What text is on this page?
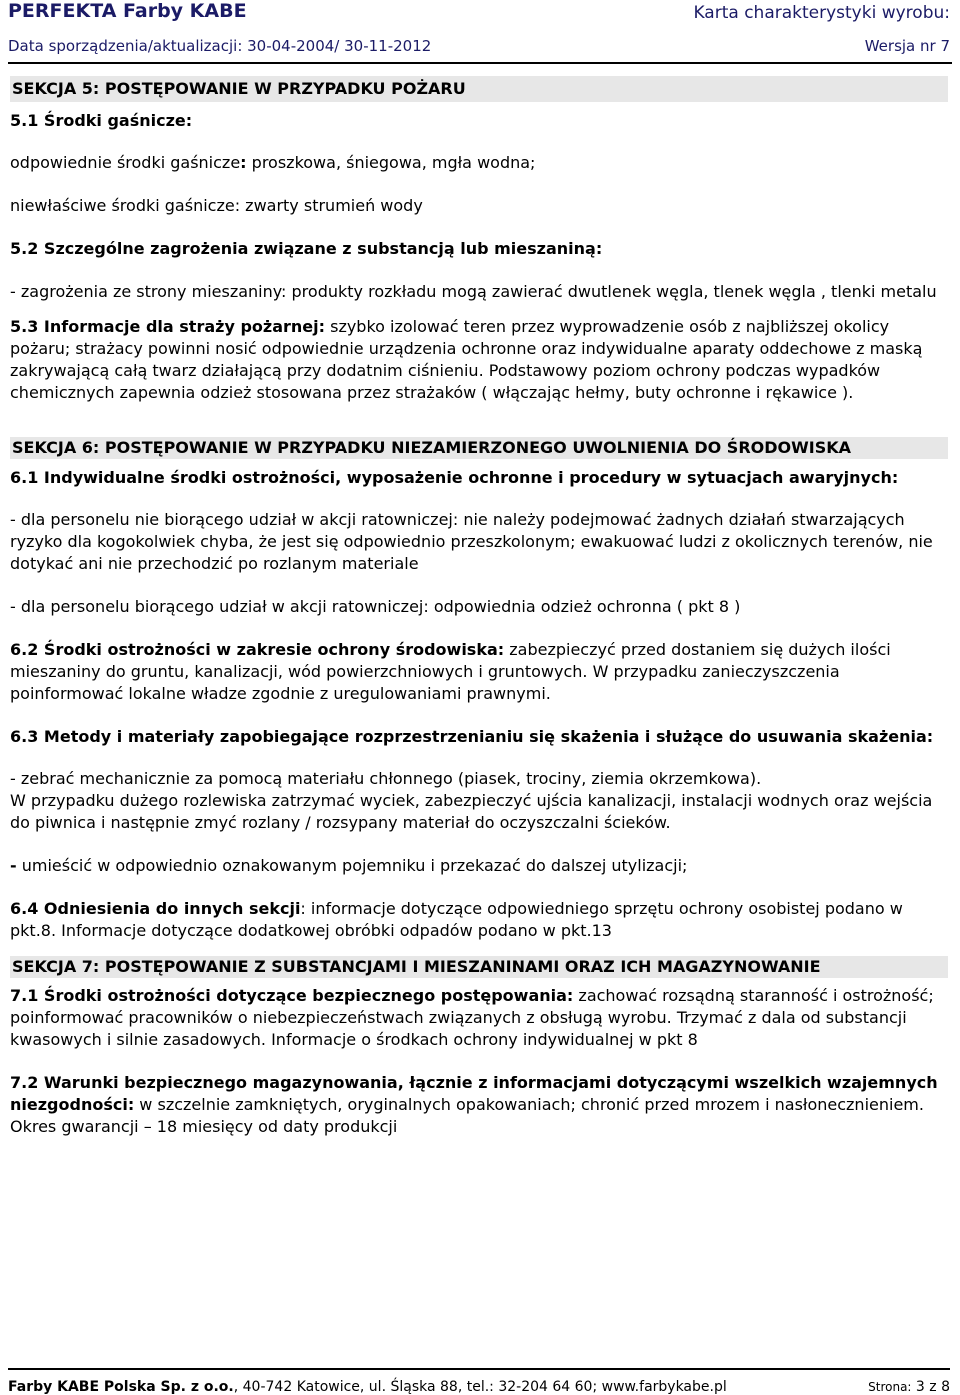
PERFEKTA Farby KABE	Karta charakterystyki wyrobu:
Data sporządzenia/aktualizacji: 30-04-2004/ 30-11-2012	Wersja nr 7
SEKCJA 5: POSTĘPOWANIE W PRZYPADKU POŻARU

5.1 Środki gaśnicze:

odpowiednie środki gaśnicze: proszkowa, śniegowa, mgła wodna;

niewłaściwe środki gaśnicze: zwarty strumień wody

5.2 Szczególne zagrożenia związane z substancją lub mieszaniną:

- zagrożenia ze strony mieszaniny: produkty rozkładu mogą zawierać dwutlenek węgla, tlenek węgla , tlenki metalu

5.3 Informacje dla straży pożarnej: szybko izolować teren przez wyprowadzenie osób z najbliższej okolicy pożaru; strażacy powinni nosić odpowiednie urządzenia ochronne oraz indywidualne aparaty oddechowe z maską zakrywającą całą twarz działającą przy dodatnim ciśnieniu. Podstawowy poziom ochrony podczas wypadków chemicznych zapewnia odzież stosowana przez strażaków ( włączając hełmy, buty ochronne i rękawice ).

SEKCJA 6: POSTĘPOWANIE W PRZYPADKU NIEZAMIERZONEGO UWOLNIENIA DO ŚRODOWISKA

6.1 Indywidualne środki ostrożności, wyposażenie ochronne i procedury w sytuacjach awaryjnych:

- dla personelu nie biorącego udział w akcji ratowniczej: nie należy podejmować żadnych działań stwarzających ryzyko dla kogokolwiek chyba, że jest się odpowiednio przeszkolonym; ewakuować ludzi z okolicznych terenów, nie dotykać ani nie przechodzić po rozlanym materiale

- dla personelu biorącego udział w akcji ratowniczej: odpowiednia odzież ochronna ( pkt 8 )

6.2 Środki ostrożności w zakresie ochrony środowiska: zabezpieczyć przed dostaniem się dużych ilości mieszaniny do gruntu, kanalizacji, wód powierzchniowych i gruntowych. W przypadku zanieczyszczenia poinformować lokalne władze zgodnie z uregulowaniami prawnymi.

6.3 Metody i materiały zapobiegające rozprzestrzenianiu się skażenia i służące do usuwania skażenia:

- zebrać mechanicznie za pomocą materiału chłonnego (piasek, trociny, ziemia okrzemkowa).

W przypadku dużego rozlewiska zatrzymać wyciek, zabezpieczyć ujścia kanalizacji, instalacji wodnych oraz wejścia do piwnica i następnie zmyć rozlany / rozsypany materiał do oczyszczalni ścieków.

- umieścić w odpowiednio oznakowanym pojemniku i przekazać do dalszej utylizacji;

6.4 Odniesienia do innych sekcji: informacje dotyczące odpowiedniego sprzętu ochrony osobistej podano w pkt.8. Informacje dotyczące dodatkowej obróbki odpadów podano w pkt.13

SEKCJA 7: POSTĘPOWANIE Z SUBSTANCJAMI I MIESZANINAMI ORAZ ICH MAGAZYNOWANIE

7.1 Środki ostrożności dotyczące bezpiecznego postępowania: zachować rozsądną staranność i ostrożność; poinformować pracowników o niebezpieczeństwach związanych z obsługą wyrobu. Trzymać z dala od substancji kwasowych i silnie zasadowych. Informacje o środkach ochrony indywidualnej w pkt 8

7.2 Warunki bezpiecznego magazynowania, łącznie z informacjami dotyczącymi wszelkich wzajemnych niezgodności: w szczelnie zamkniętych, oryginalnych opakowaniach; chronić przed mrozem i nasłonecznieniem. Okres gwarancji – 18 miesięcy od daty produkcji

Farby KABE Polska Sp. z o.o., 40-742 Katowice, ul. Śląska 88, tel.: 32-204 64 60; www.farbykabe.pl	Strona: 3 z 8
